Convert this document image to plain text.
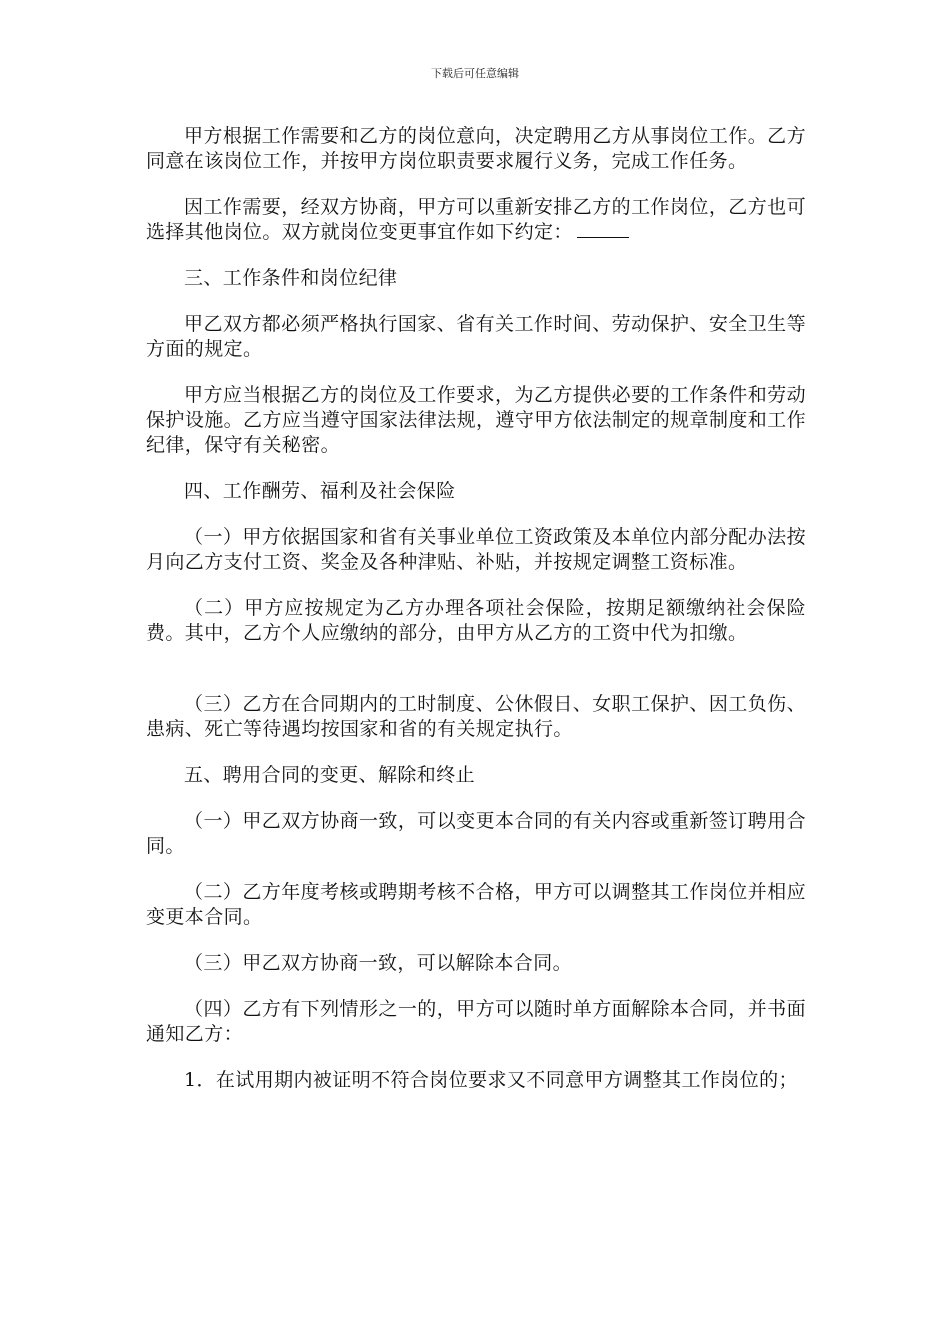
下载后可任意编辑

甲方根据工作需要和乙方的岗位意向，决定聘用乙方从事岗位工作。乙方同意在该岗位工作，并按甲方岗位职责要求履行义务，完成工作任务。

因工作需要，经双方协商，甲方可以重新安排乙方的工作岗位，乙方也可选择其他岗位。双方就岗位变更事宜作如下约定：

三、工作条件和岗位纪律

甲乙双方都必须严格执行国家、省有关工作时间、劳动保护、安全卫生等方面的规定。

甲方应当根据乙方的岗位及工作要求，为乙方提供必要的工作条件和劳动保护设施。乙方应当遵守国家法律法规，遵守甲方依法制定的规章制度和工作纪律，保守有关秘密。

四、工作酬劳、福利及社会保险

（一）甲方依据国家和省有关事业单位工资政策及本单位内部分配办法按月向乙方支付工资、奖金及各种津贴、补贴，并按规定调整工资标准。

（二）甲方应按规定为乙方办理各项社会保险，按期足额缴纳社会保险费。其中，乙方个人应缴纳的部分，由甲方从乙方的工资中代为扣缴。

（三）乙方在合同期内的工时制度、公休假日、女职工保护、因工负伤、患病、死亡等待遇均按国家和省的有关规定执行。

五、聘用合同的变更、解除和终止

（一）甲乙双方协商一致，可以变更本合同的有关内容或重新签订聘用合同。

（二）乙方年度考核或聘期考核不合格，甲方可以调整其工作岗位并相应变更本合同。

（三）甲乙双方协商一致，可以解除本合同。

（四）乙方有下列情形之一的，甲方可以随时单方面解除本合同，并书面通知乙方：

1．在试用期内被证明不符合岗位要求又不同意甲方调整其工作岗位的；
